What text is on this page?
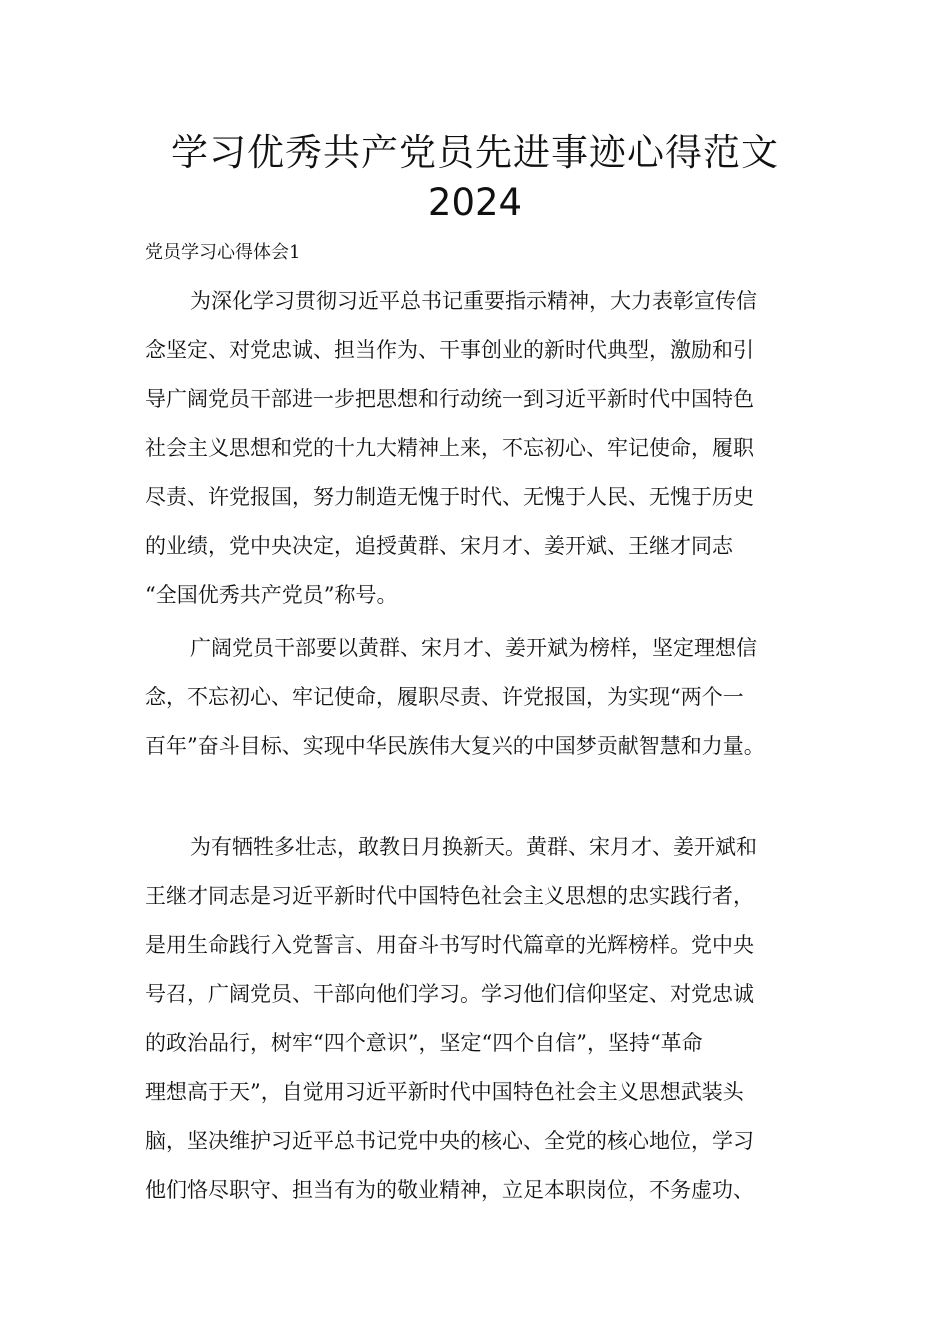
学习优秀共产党员先进事迹心得范文
2024
党员学习心得体会1

为深化学习贯彻习近平总书记重要指示精神，大力表彰宣传信

念坚定、对党忠诚、担当作为、干事创业的新时代典型，激励和引

导广阔党员干部进一步把思想和行动统一到习近平新时代中国特色

社会主义思想和党的十九大精神上来，不忘初心、牢记使命，履职

尽责、许党报国，努力制造无愧于时代、无愧于人民、无愧于历史

的业绩，党中央决定，追授黄群、宋月才、姜开斌、王继才同志

“全国优秀共产党员”称号。

广阔党员干部要以黄群、宋月才、姜开斌为榜样，坚定理想信

念，不忘初心、牢记使命，履职尽责、许党报国，为实现“两个一

百年”奋斗目标、实现中华民族伟大复兴的中国梦贡献智慧和力量。

为有牺牲多壮志，敢教日月换新天。黄群、宋月才、姜开斌和

王继才同志是习近平新时代中国特色社会主义思想的忠实践行者，

是用生命践行入党誓言、用奋斗书写时代篇章的光辉榜样。党中央

号召，广阔党员、干部向他们学习。学习他们信仰坚定、对党忠诚

的政治品行，树牢“四个意识”，坚定“四个自信”，坚持“革命

理想高于天”，自觉用习近平新时代中国特色社会主义思想武装头

脑，坚决维护习近平总书记党中央的核心、全党的核心地位，学习

他们恪尽职守、担当有为的敬业精神，立足本职岗位，不务虚功、
